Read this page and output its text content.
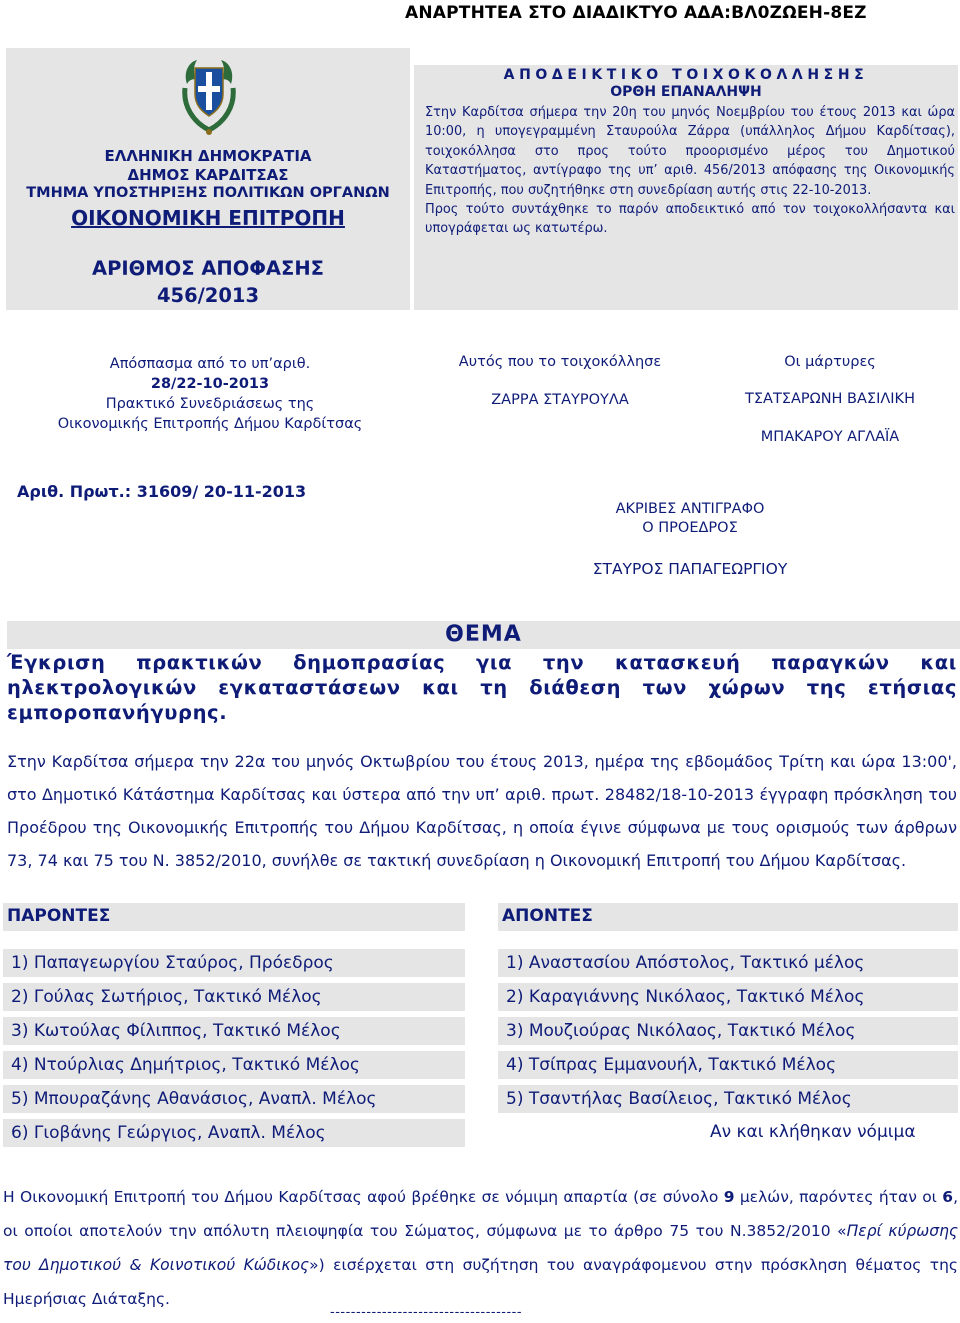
ΑΝΑΡΤΗΤΕΑ ΣΤΟ ΔΙΑΔΙΚΤΥΟ ΑΔΑ:ΒΛ0ΖΩΕΗ-8ΕΖ
ΕΛΛΗΝΙΚΗ ΔΗΜΟΚΡΑΤΙΑ
ΔΗΜΟΣ ΚΑΡΔΙΤΣΑΣ
ΤΜΗΜΑ ΥΠΟΣΤΗΡΙΞΗΣ ΠΟΛΙΤΙΚΩΝ ΟΡΓΑΝΩΝ
ΟΙΚΟΝΟΜΙΚΗ ΕΠΙΤΡΟΠΗ
ΑΡΙΘΜΟΣ ΑΠΟΦΑΣΗΣ
456/2013
ΑΠΟΔΕΙΚΤΙΚΟ ΤΟΙΧΟΚΟΛΛΗΣΗΣ
ΟΡΘΗ ΕΠΑΝΑΛΗΨΗ

Στην Καρδίτσα σήμερα την 20η του μηνός Νοεμβρίου του έτους 2013 και ώρα 10:00, η υπογεγραμμένη Σταυρούλα Ζάρρα (υπάλληλος Δήμου Καρδίτσας), τοιχοκόλλησα στο προς τούτο προορισμένο μέρος του Δημοτικού Καταστήματος, αντίγραφο της υπ’ αριθ. 456/2013 απόφασης της Οικονομικής Επιτροπής, που συζητήθηκε στη συνεδρίαση αυτής στις 22-10-2013.

Προς τούτο συντάχθηκε το παρόν αποδεικτικό από τον τοιχοκολλήσαντα και υπογράφεται ως κατωτέρω.

Απόσπασμα από το υπ’αριθ.
28/22-10-2013
Πρακτικό Συνεδριάσεως της
Οικονομικής Επιτροπής Δήμου Καρδίτσας
Αυτός που το τοιχοκόλλησε
ΖΑΡΡΑ ΣΤΑΥΡΟΥΛΑ
Οι μάρτυρες
ΤΣΑΤΣΑΡΩΝΗ ΒΑΣΙΛΙΚΗ
ΜΠΑΚΑΡΟΥ ΑΓΛΑΪΑ
Αριθ. Πρωτ.: 31609/ 20-11-2013
ΑΚΡΙΒΕΣ ΑΝΤΙΓΡΑΦΟ
Ο ΠΡΟΕΔΡΟΣ
ΣΤΑΥΡΟΣ ΠΑΠΑΓΕΩΡΓΙΟΥ
ΘΕΜΑ
Έγκριση πρακτικών δημοπρασίας για την κατασκευή παραγκών και ηλεκτρολογικών εγκαταστάσεων και τη διάθεση των χώρων της ετήσιας εμποροπανήγυρης.
Στην Καρδίτσα σήμερα την 22α του μηνός Οκτωβρίου του έτους 2013, ημέρα της εβδομάδος Τρίτη και ώρα 13:00', στο Δημοτικό Κάτάστημα Καρδίτσας και ύστερα από την υπ’ αριθ. πρωτ. 28482/18-10-2013 έγγραφη πρόσκληση του Προέδρου της Οικονομικής Επιτροπής του Δήμου Καρδίτσας, η οποία έγινε σύμφωνα με τους ορισμούς των άρθρων 73, 74 και 75 του Ν. 3852/2010, συνήλθε σε τακτική συνεδρίαση η Οικονομική Επιτροπή του Δήμου Καρδίτσας.
ΠΑΡΟΝΤΕΣ	ΑΠΟΝΤΕΣ
1) Παπαγεωργίου Σταύρος, Πρόεδρος
2) Γούλας Σωτήριος, Τακτικό Μέλος
3) Κωτούλας Φίλιππος, Τακτικό Μέλος
4) Ντούρλιας Δημήτριος, Τακτικό Μέλος
5) Μπουραζάνης Αθανάσιος, Αναπλ. Μέλος
6) Γιοβάνης Γεώργιος, Αναπλ. Μέλος
1) Αναστασίου Απόστολος, Τακτικό μέλος
2) Καραγιάννης Νικόλαος, Τακτικό Μέλος
3) Μουζιούρας Νικόλαος, Τακτικό Μέλος
4) Τσίπρας Εμμανουήλ, Τακτικό Μέλος
5) Τσαντήλας Βασίλειος, Τακτικό Μέλος
Αν και κλήθηκαν νόμιμα
Η Οικονομική Επιτροπή του Δήμου Καρδίτσας αφού βρέθηκε σε νόμιμη απαρτία (σε σύνολο 9 μελών, παρόντες ήταν οι 6, οι οποίοι αποτελούν την απόλυτη πλειοψηφία του Σώματος, σύμφωνα με το άρθρο 75 του Ν.3852/2010 «Περί κύρωσης του Δημοτικού & Κοινοτικού Κώδικος») εισέρχεται στη συζήτηση του αναγράφομενου στην πρόσκληση θέματος της Ημερήσιας Διάταξης.
-------------------------------------
